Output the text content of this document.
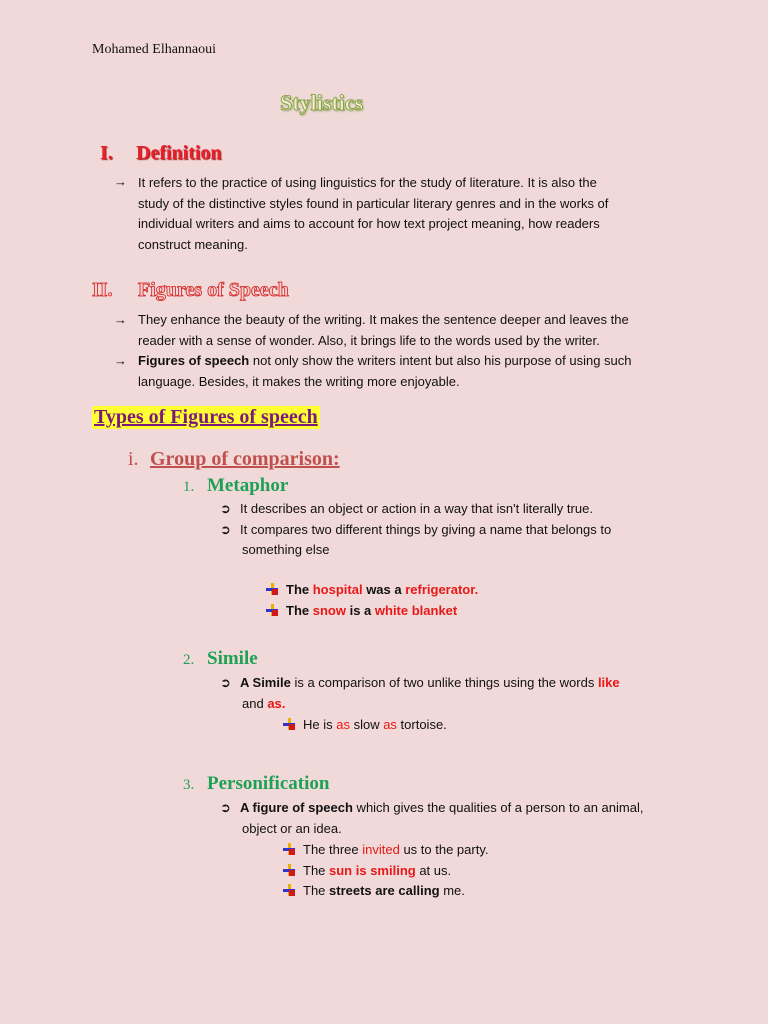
Mohamed Elhannaoui
Stylistics
I. Definition
→ It refers to the practice of using linguistics for the study of literature. It is also the
study of the distinctive styles found in particular literary genres and in the works of
individual writers and aims to account for how text project meaning, how readers
construct meaning.
II. Figures of Speech
→ They enhance the beauty of the writing. It makes the sentence deeper and leaves the
reader with a sense of wonder. Also, it brings life to the words used by the writer.
→ Figures of speech not only show the writers intent but also his purpose of using such
language. Besides, it makes the writing more enjoyable.
Types of Figures of speech
i. Group of comparison:
1. Metaphor
➲ It describes an object or action in a way that isn't literally true.
➲ It compares two different things by giving a name that belongs to
something else
The hospital was a refrigerator.
The snow is a white blanket
2. Simile
➲ A Simile is a comparison of two unlike things using the words like
and as.
He is as slow as tortoise.
3. Personification
➲ A figure of speech which gives the qualities of a person to an animal,
object or an idea.
The three invited us to the party.
The sun is smiling at us.
The streets are calling me.
